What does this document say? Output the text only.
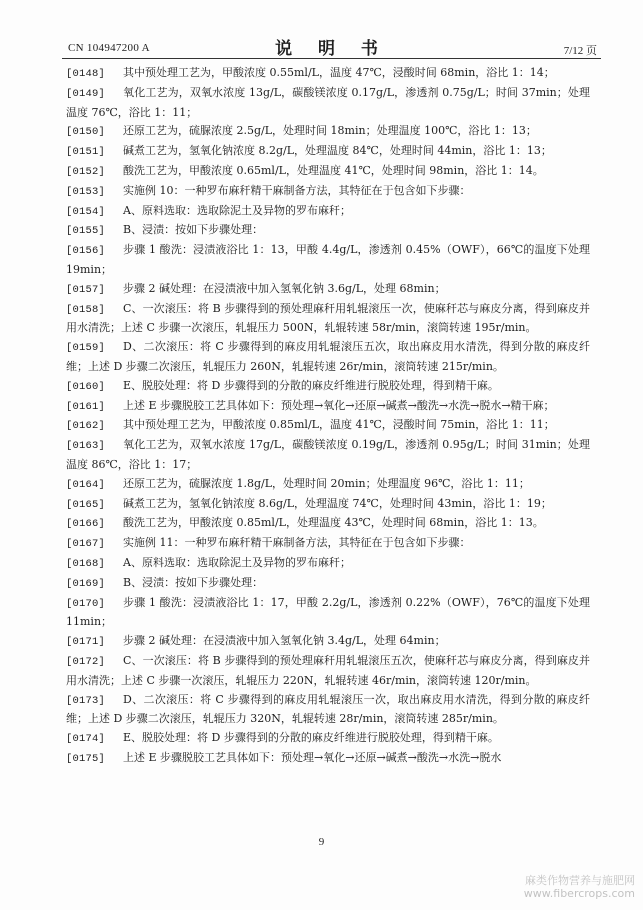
CN 104947200 A	说 明 书	7/12 页

[0148] 其中预处理工艺为，甲酸浓度 0.55ml/L，温度 47℃，浸酸时间 68min，浴比 1：14；

[0149] 氧化工艺为，双氧水浓度 13g/L，碳酸镁浓度 0.17g/L，渗透剂 0.75g/L；时间 37min；处理温度 76℃，浴比 1：11；

[0150] 还原工艺为，硫脲浓度 2.5g/L，处理时间 18min；处理温度 100℃，浴比 1：13；

[0151] 碱煮工艺为，氢氧化钠浓度 8.2g/L，处理温度 84℃，处理时间 44min，浴比 1：13；

[0152] 酸洗工艺为，甲酸浓度 0.65ml/L，处理温度 41℃，处理时间 98min，浴比 1：14。

[0153] 实施例 10：一种罗布麻秆精干麻制备方法，其特征在于包含如下步骤：

[0154] A、原料选取：选取除泥土及异物的罗布麻秆；

[0155] B、浸渍：按如下步骤处理：

[0156] 步骤 1 酸洗：浸渍液浴比 1：13，甲酸 4.4g/L，渗透剂 0.45%（OWF），66℃的温度下处理 19min；

[0157] 步骤 2 碱处理：在浸渍液中加入氢氧化钠 3.6g/L，处理 68min；

[0158] C、一次滚压：将 B 步骤得到的预处理麻秆用轧辊滚压一次，使麻秆芯与麻皮分离，得到麻皮并用水清洗；上述 C 步骤一次滚压，轧辊压力 500N，轧辊转速 58r/min，滚筒转速 195r/min。

[0159] D、二次滚压：将 C 步骤得到的麻皮用轧辊滚压五次，取出麻皮用水清洗，得到分散的麻皮纤维；上述 D 步骤二次滚压，轧辊压力 260N，轧辊转速 26r/min，滚筒转速 215r/min。

[0160] E、脱胶处理：将 D 步骤得到的分散的麻皮纤维进行脱胶处理，得到精干麻。

[0161] 上述 E 步骤脱胶工艺具体如下：预处理→氧化→还原→碱煮→酸洗→水洗→脱水→精干麻；

[0162] 其中预处理工艺为，甲酸浓度 0.85ml/L，温度 41℃，浸酸时间 75min，浴比 1：11；

[0163] 氧化工艺为，双氧水浓度 17g/L，碳酸镁浓度 0.19g/L，渗透剂 0.95g/L；时间 31min；处理温度 86℃，浴比 1：17；

[0164] 还原工艺为，硫脲浓度 1.8g/L，处理时间 20min；处理温度 96℃，浴比 1：11；

[0165] 碱煮工艺为，氢氧化钠浓度 8.6g/L，处理温度 74℃，处理时间 43min，浴比 1：19；

[0166] 酸洗工艺为，甲酸浓度 0.85ml/L，处理温度 43℃，处理时间 68min，浴比 1：13。

[0167] 实施例 11：一种罗布麻秆精干麻制备方法，其特征在于包含如下步骤：

[0168] A、原料选取：选取除泥土及异物的罗布麻秆；

[0169] B、浸渍：按如下步骤处理：

[0170] 步骤 1 酸洗：浸渍液浴比 1：17，甲酸 2.2g/L，渗透剂 0.22%（OWF），76℃的温度下处理 11min；

[0171] 步骤 2 碱处理：在浸渍液中加入氢氧化钠 3.4g/L，处理 64min；

[0172] C、一次滚压：将 B 步骤得到的预处理麻秆用轧辊滚压五次，使麻秆芯与麻皮分离，得到麻皮并用水清洗；上述 C 步骤一次滚压，轧辊压力 220N，轧辊转速 46r/min，滚筒转速 120r/min。

[0173] D、二次滚压：将 C 步骤得到的麻皮用轧辊滚压一次，取出麻皮用水清洗，得到分散的麻皮纤维；上述 D 步骤二次滚压，轧辊压力 320N，轧辊转速 28r/min，滚筒转速 285r/min。

[0174] E、脱胶处理：将 D 步骤得到的分散的麻皮纤维进行脱胶处理，得到精干麻。

[0175] 上述 E 步骤脱胶工艺具体如下：预处理→氧化→还原→碱煮→酸洗→水洗→脱水

9
麻类作物营养与施肥网
www.fibercrops.com
